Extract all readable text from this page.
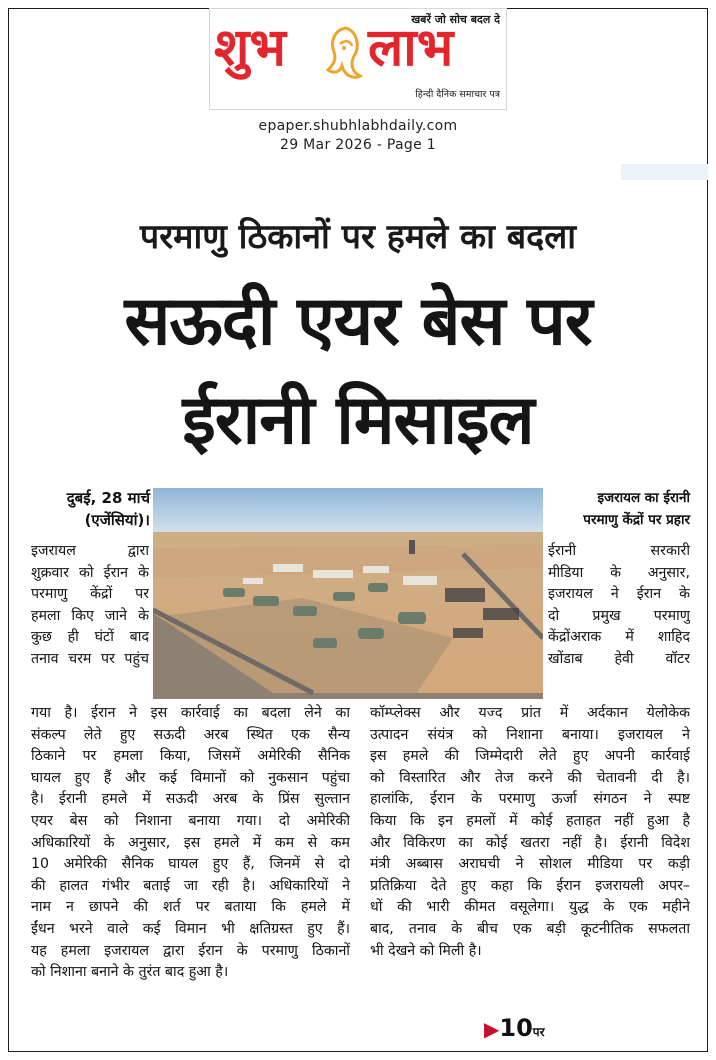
खबरें जो सोच बदल दे
शुभ लाभ
हिन्दी दैनिक समाचार पत्र
epaper.shubhlabhdaily.com
29 Mar 2026 - Page 1
परमाणु ठिकानों पर हमले का बदला
सऊदी एयर बेस पर
ईरानी मिसाइल
दुबई, 28 मार्च
(एजेंसियां)।
इजरायल का ईरानी
परमाणु केंद्रों पर प्रहार
इजरायल द्वारा
शुक्रवार को ईरान के
परमाणु केंद्रों पर
हमला किए जाने के
कुछ ही घंटों बाद
तनाव चरम पर पहुंच
ईरानी सरकारी
मीडिया के अनुसार,
इजरायल ने ईरान के
दो प्रमुख परमाणु
केंद्रोंअराक में शाहिद
खोंडाब हेवी वॉटर
गया है। ईरान ने इस कार्रवाई का बदला लेने का
संकल्प लेते हुए सऊदी अरब स्थित एक सैन्य
ठिकाने पर हमला किया, जिसमें अमेरिकी सैनिक
घायल हुए हैं और कई विमानों को नुकसान पहुंचा
है। ईरानी हमले में सऊदी अरब के प्रिंस सुल्तान
एयर बेस को निशाना बनाया गया। दो अमेरिकी
अधिकारियों के अनुसार, इस हमले में कम से कम
10 अमेरिकी सैनिक घायल हुए हैं, जिनमें से दो
की हालत गंभीर बताई जा रही है। अधिकारियों ने
नाम न छापने की शर्त पर बताया कि हमले में
ईंधन भरने वाले कई विमान भी क्षतिग्रस्त हुए हैं।
यह हमला इजरायल द्वारा ईरान के परमाणु ठिकानों
को निशाना बनाने के तुरंत बाद हुआ है।
कॉम्प्लेक्स और यज्द प्रांत में अर्दकान येलोकेक
उत्पादन संयंत्र को निशाना बनाया। इजरायल ने
इस हमले की जिम्मेदारी लेते हुए अपनी कार्रवाई
को विस्तारित और तेज करने की चेतावनी दी है।
हालांकि, ईरान के परमाणु ऊर्जा संगठन ने स्पष्ट
किया कि इन हमलों में कोई हताहत नहीं हुआ है
और विकिरण का कोई खतरा नहीं है। ईरानी विदेश
मंत्री अब्बास अराघची ने सोशल मीडिया पर कड़ी
प्रतिक्रिया देते हुए कहा कि ईरान इजरायली अपर–
धों की भारी कीमत वसूलेगा। युद्ध के एक महीने
बाद, तनाव के बीच एक बड़ी कूटनीतिक सफलता
भी देखने को मिली है।
▶10पर
